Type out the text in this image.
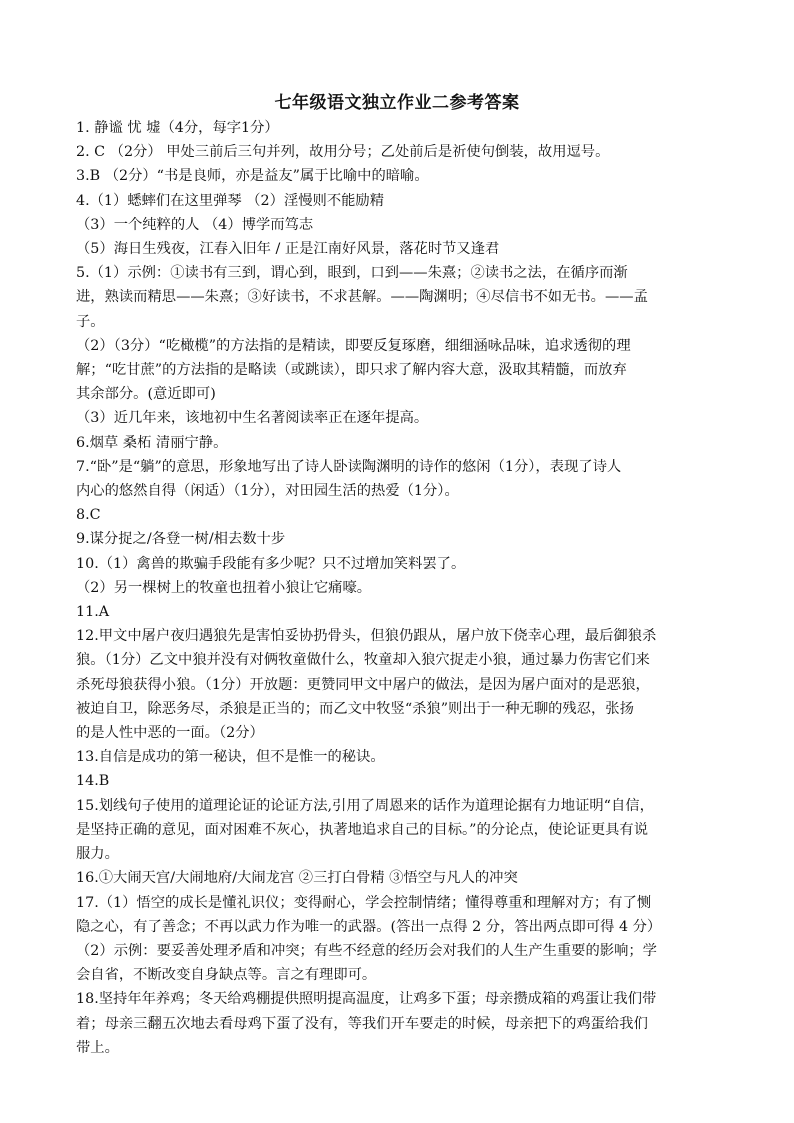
七年级语文独立作业二参考答案
1. 静谧 忧 墟（4分，每字1分）
2. C （2分） 甲处三前后三句并列，故用分号；乙处前后是祈使句倒装，故用逗号。
3.B （2分）“书是良师，亦是益友”属于比喻中的暗喻。
4.（1）蟋蟀们在这里弹琴 （2）淫慢则不能励精
（3）一个纯粹的人 （4）博学而笃志
（5）海日生残夜，江春入旧年 / 正是江南好风景，落花时节又逢君
5.（1）示例：①读书有三到，谓心到，眼到，口到——朱熹；②读书之法，在循序而渐
进，熟读而精思——朱熹；③好读书，不求甚解。——陶渊明；④尽信书不如无书。——孟
子。
（2）（3分）“吃橄榄”的方法指的是精读，即要反复琢磨，细细涵咏品味，追求透彻的理
解；“吃甘蔗”的方法指的是略读（或跳读），即只求了解内容大意，汲取其精髓，而放弃
其余部分。(意近即可)
（3）近几年来，该地初中生名著阅读率正在逐年提高。
6.烟草 桑柘 清丽宁静。
7.“卧”是“躺”的意思，形象地写出了诗人卧读陶渊明的诗作的悠闲（1分），表现了诗人
内心的悠然自得（闲适）（1分），对田园生活的热爱（1分）。
8.C
9.谋分捉之/各登一树/相去数十步
10.（1）禽兽的欺骗手段能有多少呢？只不过增加笑料罢了。
（2）另一棵树上的牧童也扭着小狼让它痛嚎。
11.A
12.甲文中屠户夜归遇狼先是害怕妥协扔骨头，但狼仍跟从，屠户放下侥幸心理，最后御狼杀
狼。（1分）乙文中狼并没有对俩牧童做什么，牧童却入狼穴捉走小狼，通过暴力伤害它们来
杀死母狼获得小狼。（1分）开放题：更赞同甲文中屠户的做法，是因为屠户面对的是恶狼，
被迫自卫，除恶务尽，杀狼是正当的；而乙文中牧竖“杀狼”则出于一种无聊的残忍，张扬
的是人性中恶的一面。（2分）
13.自信是成功的第一秘诀，但不是惟一的秘诀。
14.B
15.划线句子使用的道理论证的论证方法,引用了周恩来的话作为道理论据有力地证明“自信，
是坚持正确的意见，面对困难不灰心，执著地追求自己的目标。”的分论点，使论证更具有说
服力。
16.①大闹天宫/大闹地府/大闹龙宫 ②三打白骨精 ③悟空与凡人的冲突
17.（1）悟空的成长是懂礼识仪；变得耐心，学会控制情绪；懂得尊重和理解对方；有了恻
隐之心，有了善念；不再以武力作为唯一的武器。(答出一点得 2 分，答出两点即可得 4 分）
（2）示例：要妥善处理矛盾和冲突；有些不经意的经历会对我们的人生产生重要的影响；学
会自省，不断改变自身缺点等。言之有理即可。
18.坚持年年养鸡；冬天给鸡棚提供照明提高温度，让鸡多下蛋；母亲攒成箱的鸡蛋让我们带
着；母亲三翻五次地去看母鸡下蛋了没有，等我们开车要走的时候，母亲把下的鸡蛋给我们
带上。
